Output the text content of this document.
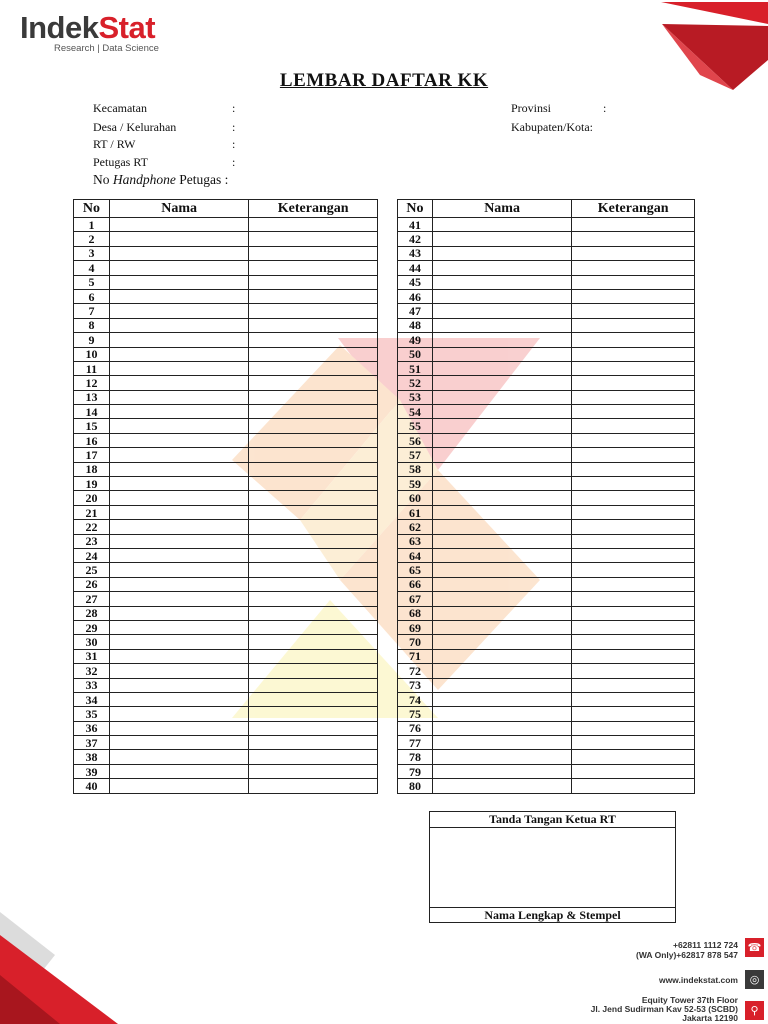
IndekStat
Research | Data Science
LEMBAR DAFTAR KK
Kecamatan	:
Desa / Kelurahan	:
RT / RW	:
Petugas RT	:
No Handphone Petugas :
Provinsi	:
Kabupaten/Kota:
No	Nama	Keterangan
1		
2		
3		
4		
5		
6		
7		
8		
9		
10		
11		
12		
13		
14		
15		
16		
17		
18		
19		
20		
21		
22		
23		
24		
25		
26		
27		
28		
29		
30		
31		
32		
33		
34		
35		
36		
37		
38		
39		
40		
No	Nama	Keterangan
41		
42		
43		
44		
45		
46		
47		
48		
49		
50		
51		
52		
53		
54		
55		
56		
57		
58		
59		
60		
61		
62		
63		
64		
65		
66		
67		
68		
69		
70		
71		
72		
73		
74		
75		
76		
77		
78		
79		
80		
Tanda Tangan Ketua RT
Nama Lengkap & Stempel
+62811 1112 724
(WA Only)+62817 878 547
☎
www.indekstat.com	◎
Equity Tower 37th Floor
Jl. Jend Sudirman Kav 52-53 (SCBD)
Jakarta 12190
⚲
